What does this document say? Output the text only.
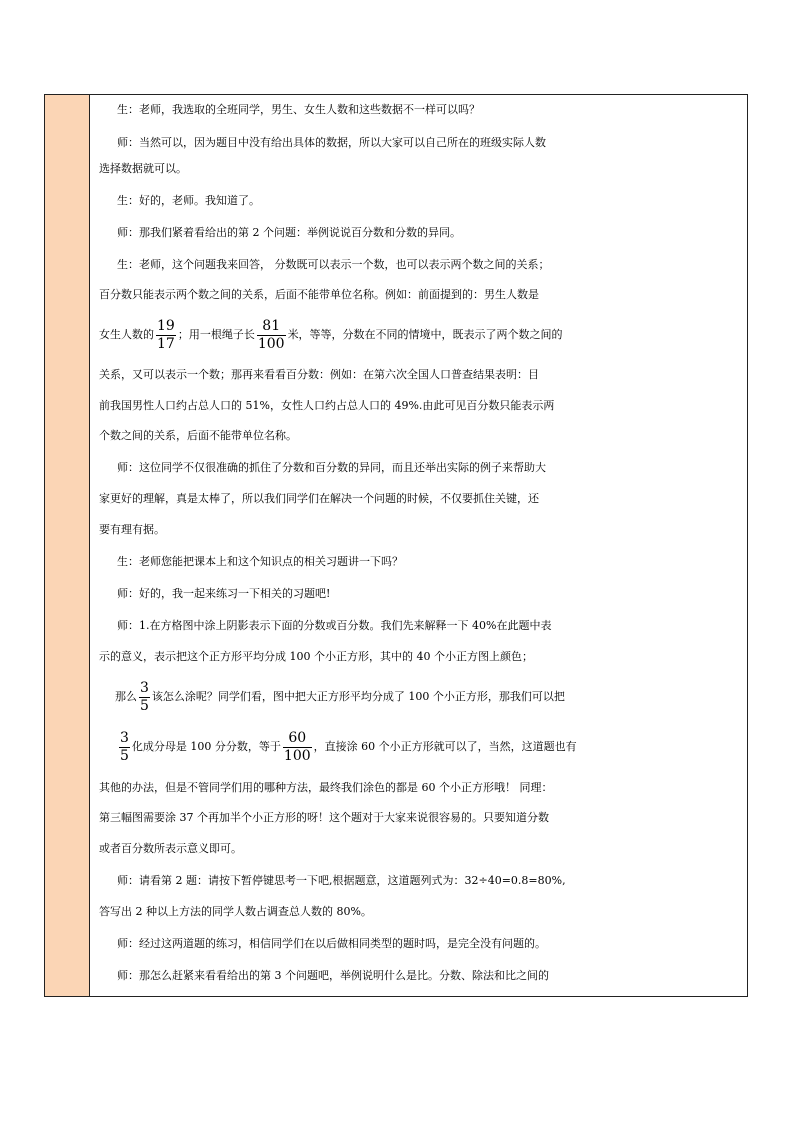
生：老师，我选取的全班同学，男生、女生人数和这些数据不一样可以吗？
师：当然可以，因为题目中没有给出具体的数据，所以大家可以自己所在的班级实际人数
选择数据就可以。
生：好的，老师。我知道了。
师：那我们紧着看给出的第 2 个问题：举例说说百分数和分数的异同。
生：老师，这个问题我来回答， 分数既可以表示一个数，也可以表示两个数之间的关系；
百分数只能表示两个数之间的关系，后面不能带单位名称。例如：前面提到的：男生人数是
女生人数的 $\frac{19}{17}$ ；用一根绳子长 $\frac{81}{100}$ 米，等等，分数在不同的情境中，既表示了两个数之间的
关系，又可以表示一个数；那再来看看百分数：例如：在第六次全国人口普查结果表明：目
前我国男性人口约占总人口的 51%，女性人口约占总人口的 49%.由此可见百分数只能表示两
个数之间的关系，后面不能带单位名称。
师：这位同学不仅很准确的抓住了分数和百分数的异同，而且还举出实际的例子来帮助大
家更好的理解，真是太棒了，所以我们同学们在解决一个问题的时候，不仅要抓住关键，还
要有理有据。
生：老师您能把课本上和这个知识点的相关习题讲一下吗？
师：好的，我一起来练习一下相关的习题吧!
师：1.在方格图中涂上阴影表示下面的分数或百分数。我们先来解释一下 40%在此题中表
示的意义，表示把这个正方形平均分成 100 个小正方形，其中的 40 个小正方图上颜色；
那么 $\frac{3}{5}$ 该怎么涂呢？同学们看，图中把大正方形平均分成了 100 个小正方形，那我们可以把
$\frac{3}{5}$ 化成分母是 100 分分数，等于 $\frac{60}{100}$ ，直接涂 60 个小正方形就可以了，当然，这道题也有
其他的办法，但是不管同学们用的哪种方法，最终我们涂色的都是 60 个小正方形哦！ 同理：
第三幅图需要涂 37 个再加半个小正方形的呀！这个题对于大家来说很容易的。只要知道分数
或者百分数所表示意义即可。
师：请看第 2 题：请按下暂停键思考一下吧,根据题意，这道题列式为：32÷40=0.8=80%,
答写出 2 种以上方法的同学人数占调查总人数的 80%。
师：经过这两道题的练习，相信同学们在以后做相同类型的题时吗，是完全没有问题的。
师：那怎么赶紧来看看给出的第 3 个问题吧，举例说明什么是比。分数、除法和比之间的
